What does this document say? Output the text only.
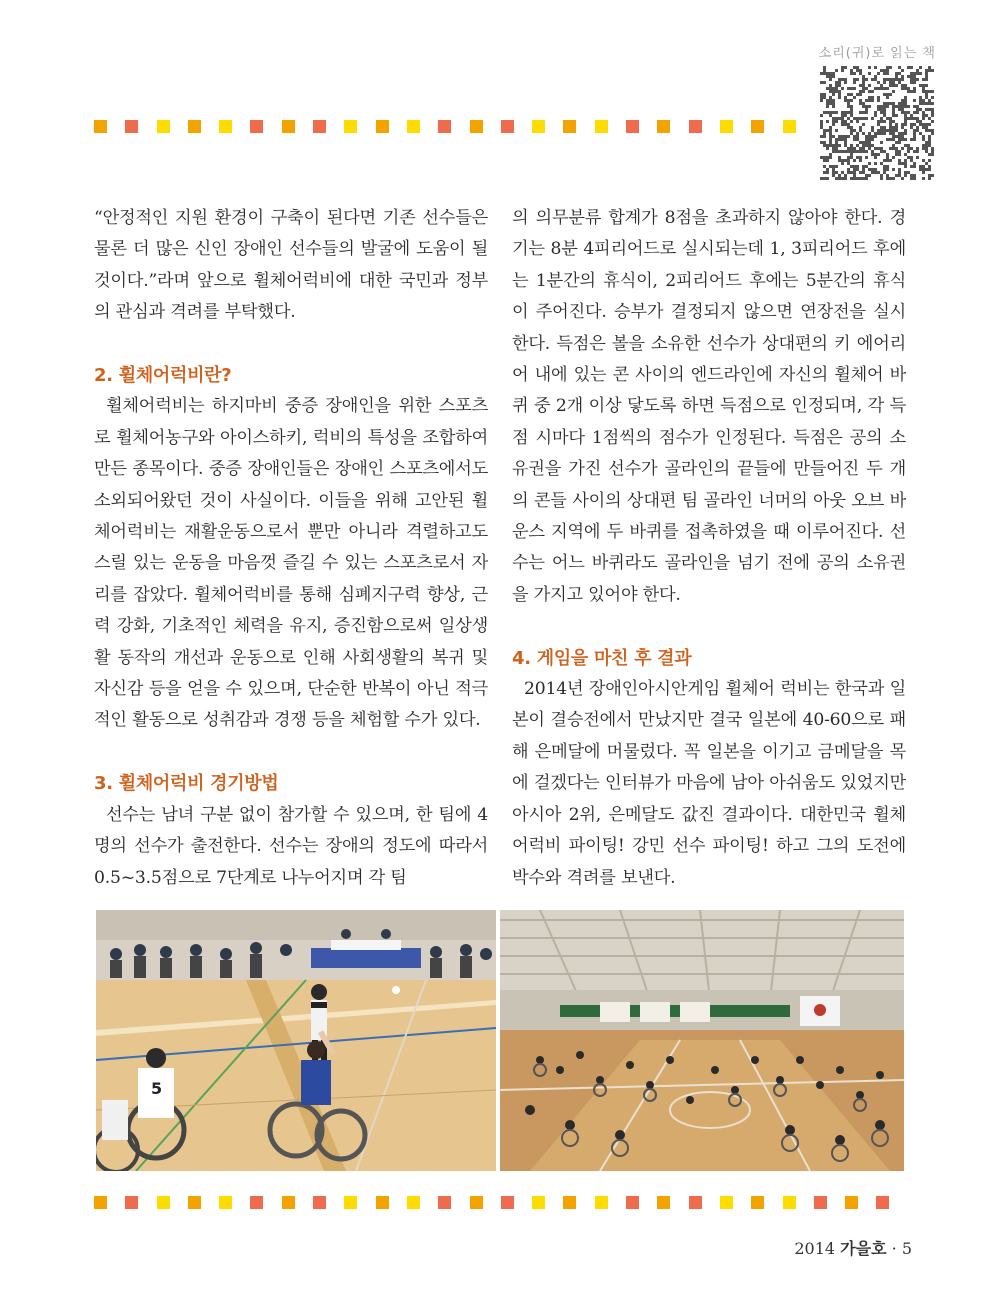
소리(귀)로 읽는 책

“안정적인 지원 환경이 구축이 된다면 기존 선수들은 물론 더 많은 신인 장애인 선수들의 발굴에 도움이 될 것이다.”라며 앞으로 휠체어럭비에 대한 국민과 정부의 관심과 격려를 부탁했다.

2. 휠체어럭비란?

휠체어럭비는 하지마비 중증 장애인을 위한 스포츠로 휠체어농구와 아이스하키, 럭비의 특성을 조합하여 만든 종목이다. 중증 장애인들은 장애인 스포츠에서도 소외되어왔던 것이 사실이다. 이들을 위해 고안된 휠체어럭비는 재활운동으로서 뿐만 아니라 격렬하고도 스릴 있는 운동을 마음껏 즐길 수 있는 스포츠로서 자리를 잡았다. 휠체어럭비를 통해 심폐지구력 향상, 근력 강화, 기초적인 체력을 유지, 증진함으로써 일상생활 동작의 개선과 운동으로 인해 사회생활의 복귀 및 자신감 등을 얻을 수 있으며, 단순한 반복이 아닌 적극적인 활동으로 성취감과 경쟁 등을 체험할 수가 있다.

3. 휠체어럭비 경기방법

선수는 남녀 구분 없이 참가할 수 있으며, 한 팀에 4명의 선수가 출전한다. 선수는 장애의 정도에 따라서 0.5~3.5점으로 7단계로 나누어지며 각 팀

의 의무분류 합계가 8점을 초과하지 않아야 한다. 경기는 8분 4피리어드로 실시되는데 1, 3피리어드 후에는 1분간의 휴식이, 2피리어드 후에는 5분간의 휴식이 주어진다. 승부가 결정되지 않으면 연장전을 실시한다. 득점은 볼을 소유한 선수가 상대편의 키 에어리어 내에 있는 콘 사이의 엔드라인에 자신의 휠체어 바퀴 중 2개 이상 닿도록 하면 득점으로 인정되며, 각 득점 시마다 1점씩의 점수가 인정된다. 득점은 공의 소유권을 가진 선수가 골라인의 끝들에 만들어진 두 개의 콘들 사이의 상대편 팀 골라인 너머의 아웃 오브 바운스 지역에 두 바퀴를 접촉하였을 때 이루어진다. 선수는 어느 바퀴라도 골라인을 넘기 전에 공의 소유권을 가지고 있어야 한다.

4. 게임을 마친 후 결과

2014년 장애인아시안게임 휠체어 럭비는 한국과 일본이 결승전에서 만났지만 결국 일본에 40-60으로 패해 은메달에 머물렀다. 꼭 일본을 이기고 금메달을 목에 걸겠다는 인터뷰가 마음에 남아 아쉬움도 있었지만 아시아 2위, 은메달도 값진 결과이다. 대한민국 휠체어럭비 파이팅! 강민 선수 파이팅! 하고 그의 도전에 박수와 격려를 보낸다.

5
2014 가을호 · 5
